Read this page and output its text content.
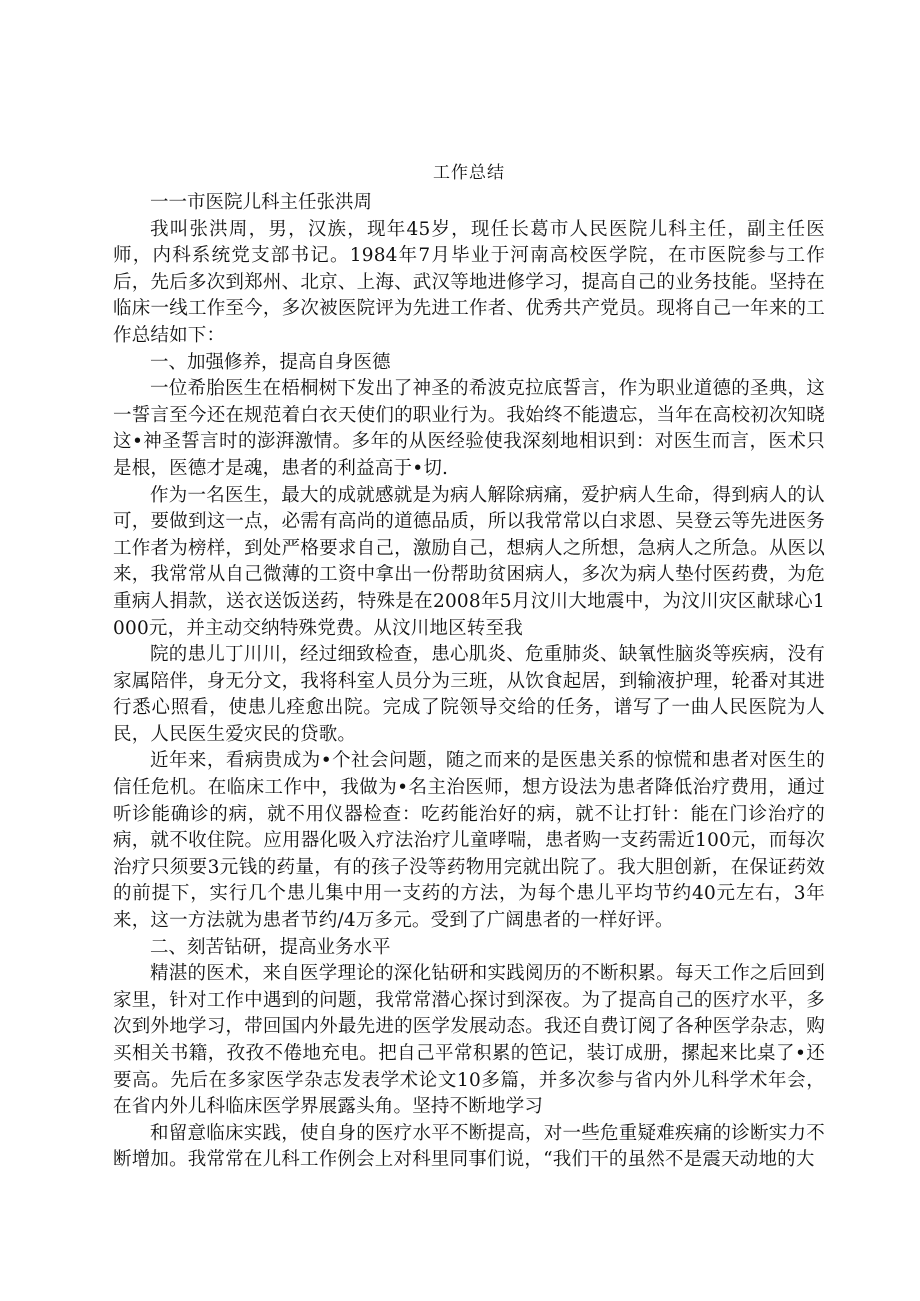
工作总结

一一市医院儿科主任张洪周

我叫张洪周，男，汉族，现年45岁，现任长葛市人民医院儿科主任，副主任医师，内科系统党支部书记。1984年7月毕业于河南高校医学院，在市医院参与工作后，先后多次到郑州、北京、上海、武汉等地进修学习，提高自己的业务技能。坚持在临床一线工作至今，多次被医院评为先进工作者、优秀共产党员。现将自己一年来的工作总结如下：

一、加强修养，提高自身医德

一位希胎医生在梧桐树下发出了神圣的希波克拉底誓言，作为职业道德的圣典，这一誓言至今还在规范着白衣天使们的职业行为。我始终不能遗忘，当年在高校初次知晓这•神圣誓言时的澎湃激情。多年的从医经验使我深刻地相识到：对医生而言，医术只是根，医德才是魂，患者的利益高于•切.

作为一名医生，最大的成就感就是为病人解除病痛，爱护病人生命，得到病人的认可，要做到这一点，必需有高尚的道德品质，所以我常常以白求恩、吴登云等先进医务工作者为榜样，到处严格要求自己，激励自己，想病人之所想，急病人之所急。从医以来，我常常从自己微薄的工资中拿出一份帮助贫困病人，多次为病人垫付医药费，为危重病人捐款，送衣送饭送药，特殊是在2008年5月汶川大地震中，为汶川灾区献球心1000元，并主动交纳特殊党费。从汶川地区转至我

院的患儿丁川川，经过细致检查，患心肌炎、危重肺炎、缺氧性脑炎等疾病，没有家属陪伴，身无分文，我将科室人员分为三班，从饮食起居，到输液护理，轮番对其进行悉心照看，使患儿痊愈出院。完成了院领导交给的任务，谱写了一曲人民医院为人民，人民医生爱灾民的贷歌。

近年来，看病贵成为•个社会问题，随之而来的是医患关系的惊慌和患者对医生的信任危机。在临床工作中，我做为•名主治医师，想方设法为患者降低治疗费用，通过听诊能确诊的病，就不用仪器检查：吃药能治好的病，就不让打针：能在门诊治疗的病，就不收住院。应用器化吸入疗法治疗儿童哮喘，患者购一支药需近100元，而每次治疗只须要3元钱的药量，有的孩子没等药物用完就出院了。我大胆创新，在保证药效的前提下，实行几个患儿集中用一支药的方法，为每个患儿平均节约40元左右，3年来，这一方法就为患者节约/4万多元。受到了广阔患者的一样好评。

二、刻苦钻研，提高业务水平

精湛的医术，来自医学理论的深化钻研和实践阅历的不断积累。每天工作之后回到家里，针对工作中遇到的问题，我常常潜心探讨到深夜。为了提高自己的医疗水平，多次到外地学习，带回国内外最先进的医学发展动态。我还自费订阅了各种医学杂志，购买相关书籍，孜孜不倦地充电。把自己平常积累的笆记，装订成册，摞起来比桌了•还要高。先后在多家医学杂志发表学术论文10多篇，并多次参与省内外儿科学术年会，在省内外儿科临床医学界展露头角。坚持不断地学习

和留意临床实践，使自身的医疗水平不断提高，对一些危重疑难疾痛的诊断实力不断增加。我常常在儿科工作例会上对科里同事们说，“我们干的虽然不是震天动地的大
